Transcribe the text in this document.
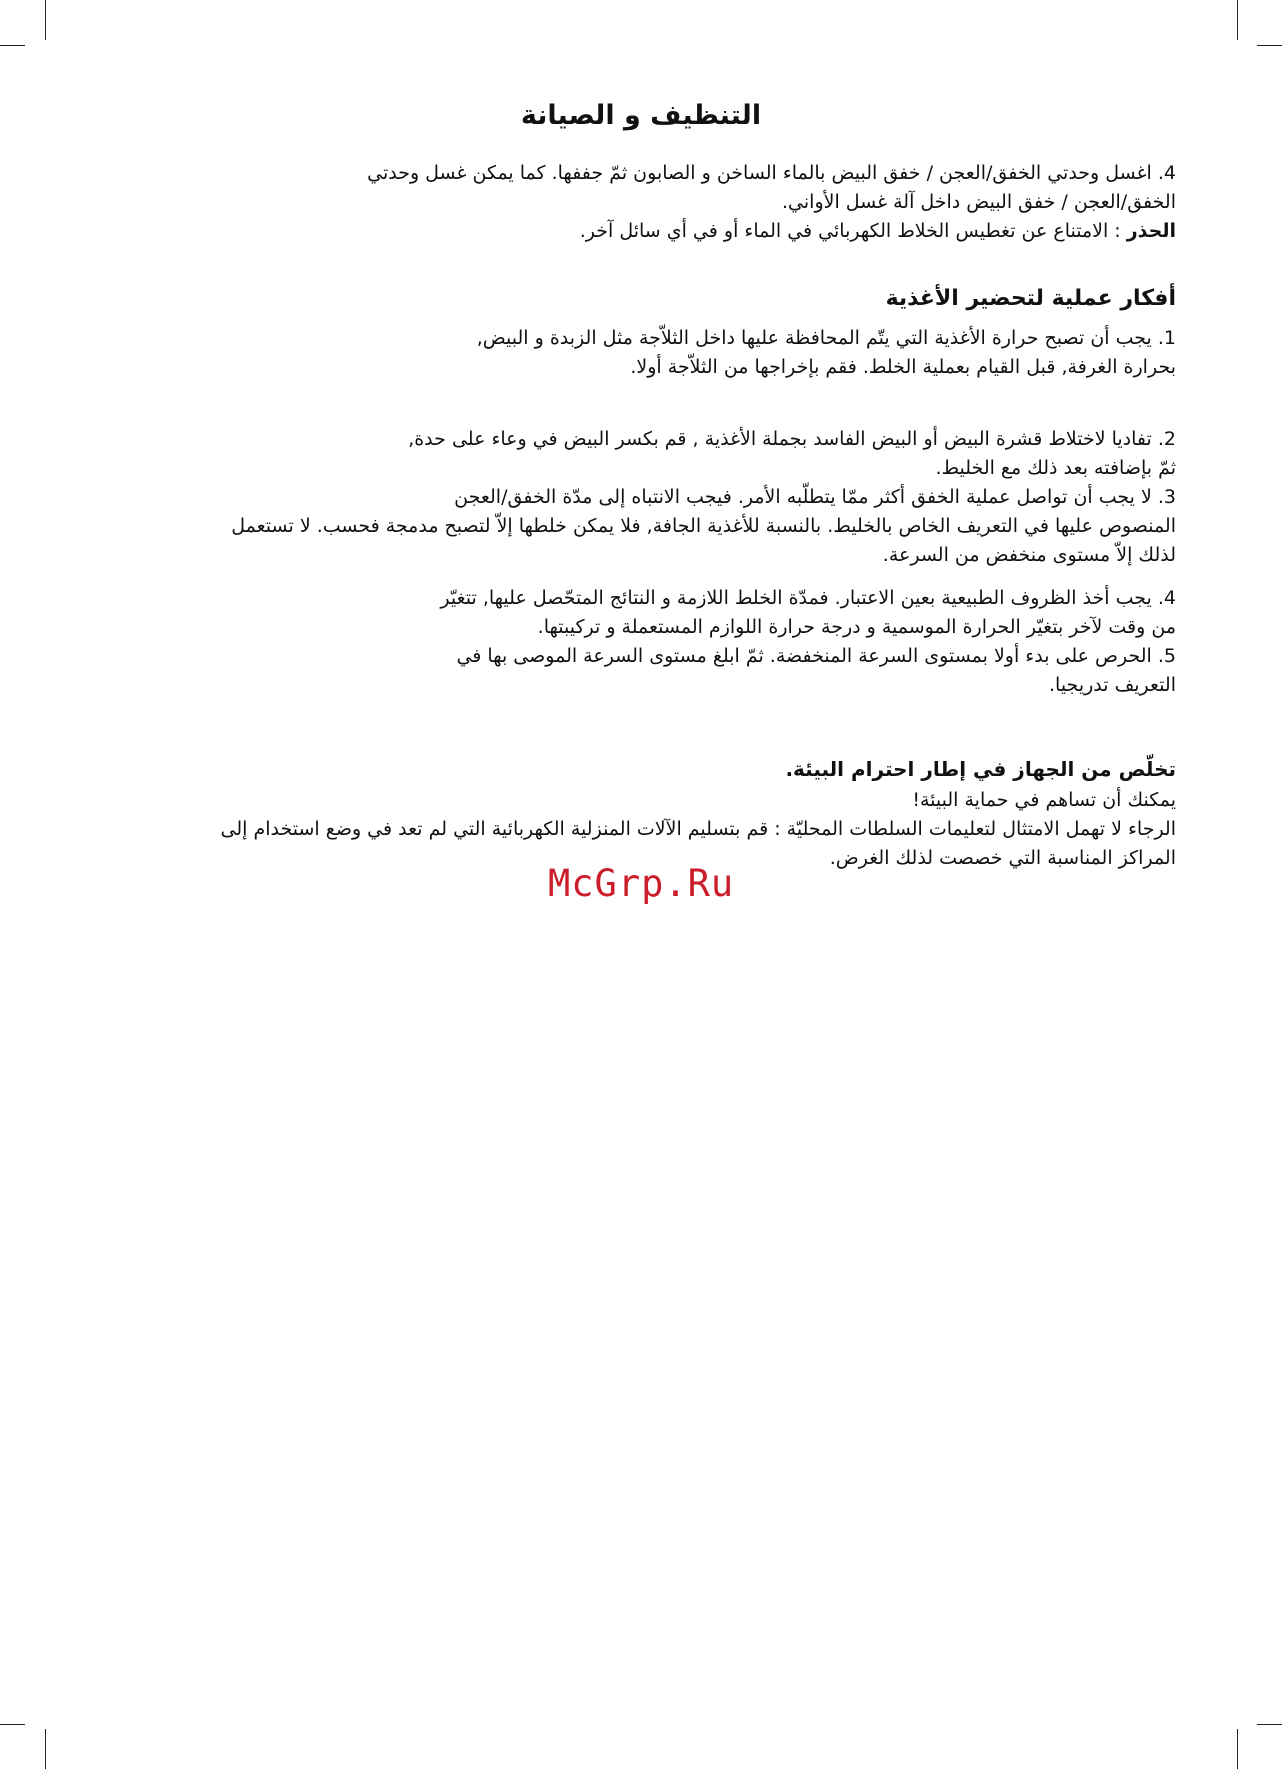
التنظيف و الصيانة
4. اغسل وحدتي الخفق/العجن / خفق البيض بالماء الساخن و الصابون ثمّ جففها. كما يمكن غسل وحدتي
الخفق/العجن / خفق البيض داخل آلة غسل الأواني.
الحذر : الامتناع عن تغطيس الخلاط الكهربائي في الماء أو في أي سائل آخر.
أفكار عملية لتحضير الأغذية
1. يجب أن تصبح حرارة الأغذية التي يتّم المحافظة عليها داخل الثلاّجة مثل الزبدة و البيض,
بحرارة الغرفة, قبل القيام بعملية الخلط. فقم بإخراجها من الثلاّجة أولا.
2. تفاديا لاختلاط قشرة البيض أو البيض الفاسد بجملة الأغذية , قم بكسر البيض في وعاء على حدة,
ثمّ بإضافته بعد ذلك مع الخليط.
3. لا يجب أن تواصل عملية الخفق أكثر ممّا يتطلّبه الأمر. فيجب الانتباه إلى مدّة الخفق/العجن
المنصوص عليها في التعريف الخاص بالخليط. بالنسبة للأغذية الجافة, فلا يمكن خلطها إلاّ لتصبح مدمجة فحسب. لا تستعمل
لذلك إلاّ مستوى منخفض من السرعة.
4. يجب أخذ الظروف الطبيعية بعين الاعتبار. فمدّة الخلط اللازمة و النتائج المتحّصل عليها, تتغيّر
من وقت لآخر بتغيّر الحرارة الموسمية و درجة حرارة اللوازم المستعملة و تركيبتها.
5. الحرص على بدء أولا بمستوى السرعة المنخفضة. ثمّ ابلغ مستوى السرعة الموصى بها في
التعريف تدريجيا.
تخلّص من الجهاز في إطار احترام البيئة.
يمكنك أن تساهم في حماية البيئة!
الرجاء لا تهمل الامتثال لتعليمات السلطات المحليّة : قم بتسليم الآلات المنزلية الكهربائية التي لم تعد في وضع استخدام إلى
المراكز المناسبة التي خصصت لذلك الغرض.
McGrp.Ru
